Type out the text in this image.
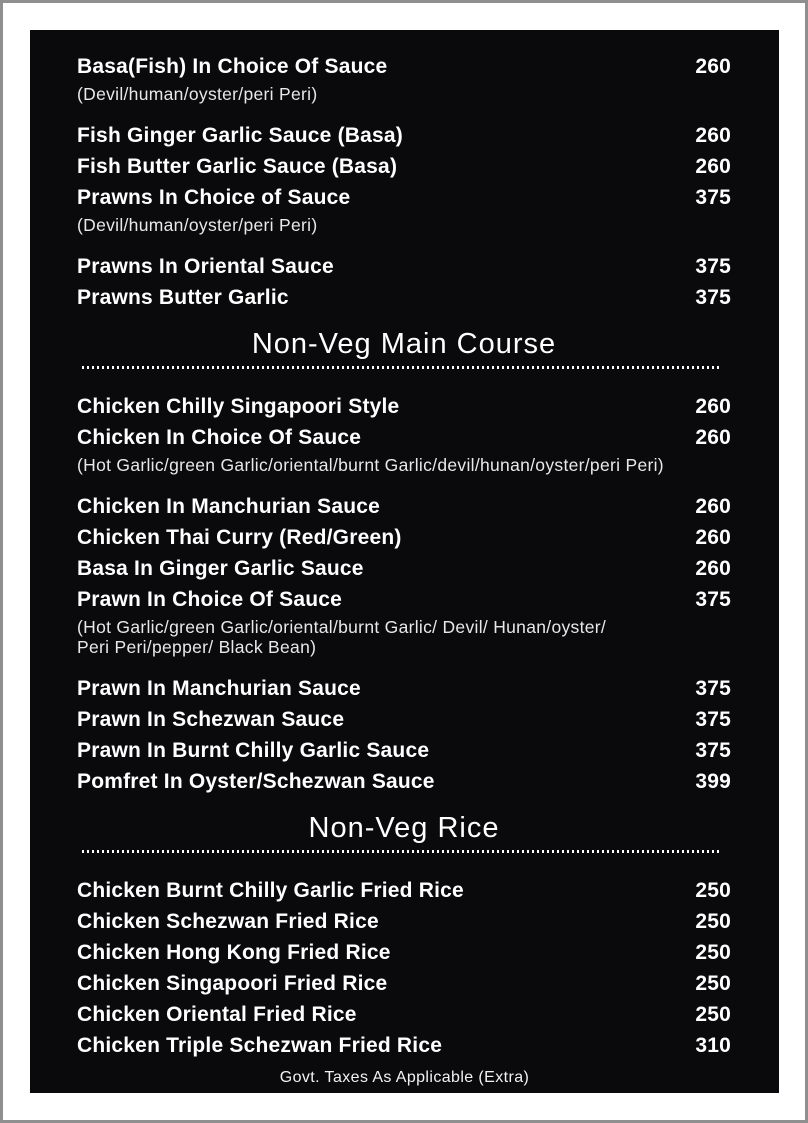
Basa(Fish) In Choice Of Sauce	260
(Devil/human/oyster/peri Peri)
Fish Ginger Garlic Sauce (Basa)	260
Fish Butter Garlic Sauce (Basa)	260
Prawns In Choice of Sauce	375
(Devil/human/oyster/peri Peri)
Prawns In Oriental Sauce	375
Prawns Butter Garlic	375
Non-Veg Main Course
Chicken Chilly Singapoori Style	260
Chicken In Choice Of Sauce	260
(Hot Garlic/green Garlic/oriental/burnt Garlic/devil/hunan/oyster/peri Peri)
Chicken In Manchurian Sauce	260
Chicken Thai Curry (Red/Green)	260
Basa In Ginger Garlic Sauce	260
Prawn In Choice Of Sauce	375
(Hot Garlic/green Garlic/oriental/burnt Garlic/ Devil/ Hunan/oyster/
Peri Peri/pepper/ Black Bean)
Prawn In Manchurian Sauce	375
Prawn In Schezwan Sauce	375
Prawn In Burnt Chilly Garlic Sauce	375
Pomfret In Oyster/Schezwan Sauce	399
Non-Veg Rice
Chicken Burnt Chilly Garlic Fried Rice	250
Chicken Schezwan Fried Rice	250
Chicken Hong Kong Fried Rice	250
Chicken Singapoori Fried Rice	250
Chicken Oriental Fried Rice	250
Chicken Triple Schezwan Fried Rice	310
Govt. Taxes As Applicable (Extra)
